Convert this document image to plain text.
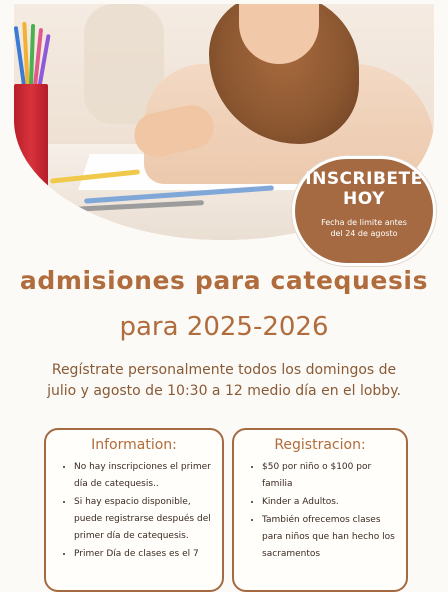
INSCRIBETE
HOY
Fecha de limite antes
del 24 de agosto
admisiones para catequesis
para 2025-2026
Regístrate personalmente todos los domingos de julio y agosto de 10:30 a 12 medio día en el lobby.
Information:
• No hay inscripciones el primer día de catequesis..
• Si hay espacio disponible, puede registrarse después del primer día de catequesis.
• Primer Día de clases es el 7
Registracion:
• $50 por niño o $100 por familia
• Kinder a Adultos.
• También ofrecemos clases para niños que han hecho los sacramentos
